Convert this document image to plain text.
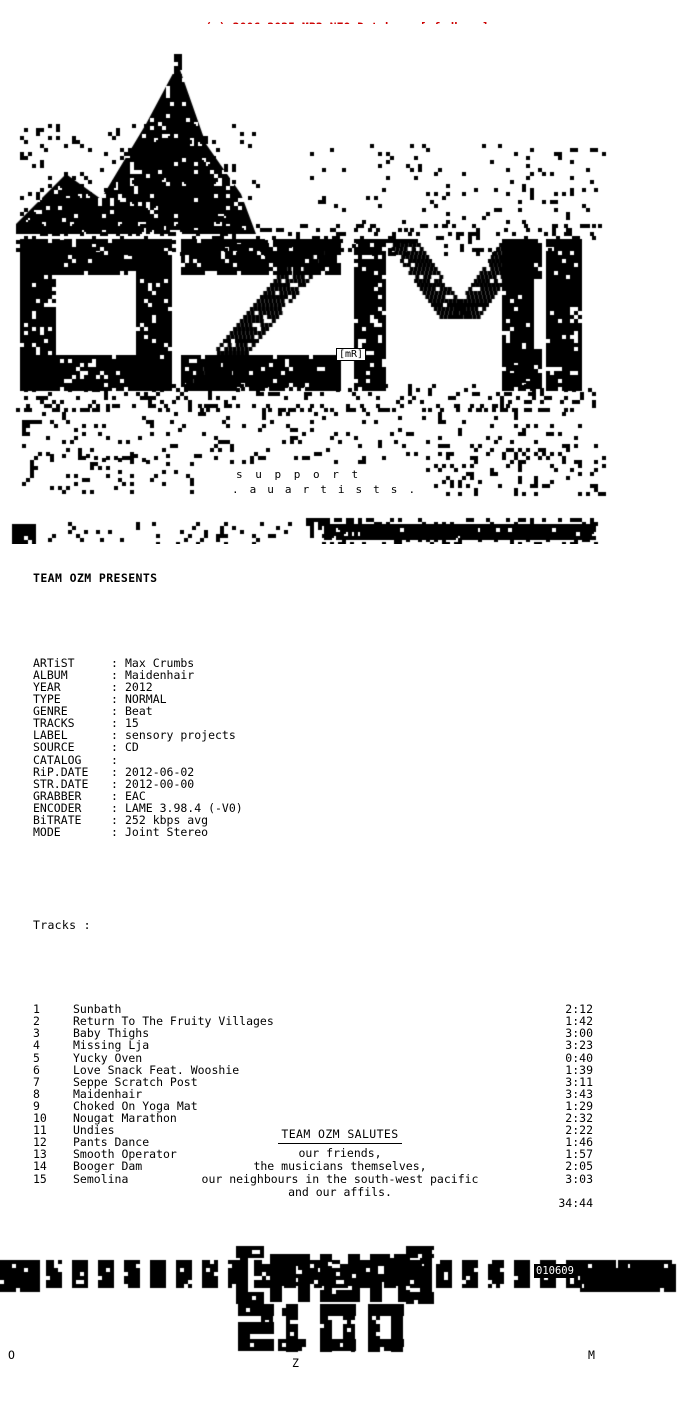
[mR]
s u p p o r t
. a u a r t i s t s .

TEAM OZM PRESENTS

ARTiST	:	Max Crumbs
ALBUM	:	Maidenhair
YEAR	:	2012
TYPE	:	NORMAL
GENRE	:	Beat
TRACKS	:	15
LABEL	:	sensory projects
SOURCE	:	CD
CATALOG	:	
RiP.DATE	:	2012-06-02
STR.DATE	:	2012-00-00
GRABBER	:	EAC
ENCODER	:	LAME 3.98.4 (-V0)
BiTRATE	:	252 kbps avg
MODE	:	Joint Stereo

Tracks :

1	Sunbath	2:12
2	Return To The Fruity Villages	1:42
3	Baby Thighs	3:00
4	Missing Lja	3:23
5	Yucky Oven	0:40
6	Love Snack Feat. Wooshie	1:39
7	Seppe Scratch Post	3:11
8	Maidenhair	3:43
9	Choked On Yoga Mat	1:29
10	Nougat Marathon	2:32
11	Undies	2:22
12	Pants Dance	1:46
13	Smooth Operator	1:57
14	Booger Dam	2:05
15	Semolina	3:03
		34:44

TEAM OZM SALUTES
our friends,
the musicians themselves,
our neighbours in the south-west pacific
and our affils.
010609
O
Z
M
